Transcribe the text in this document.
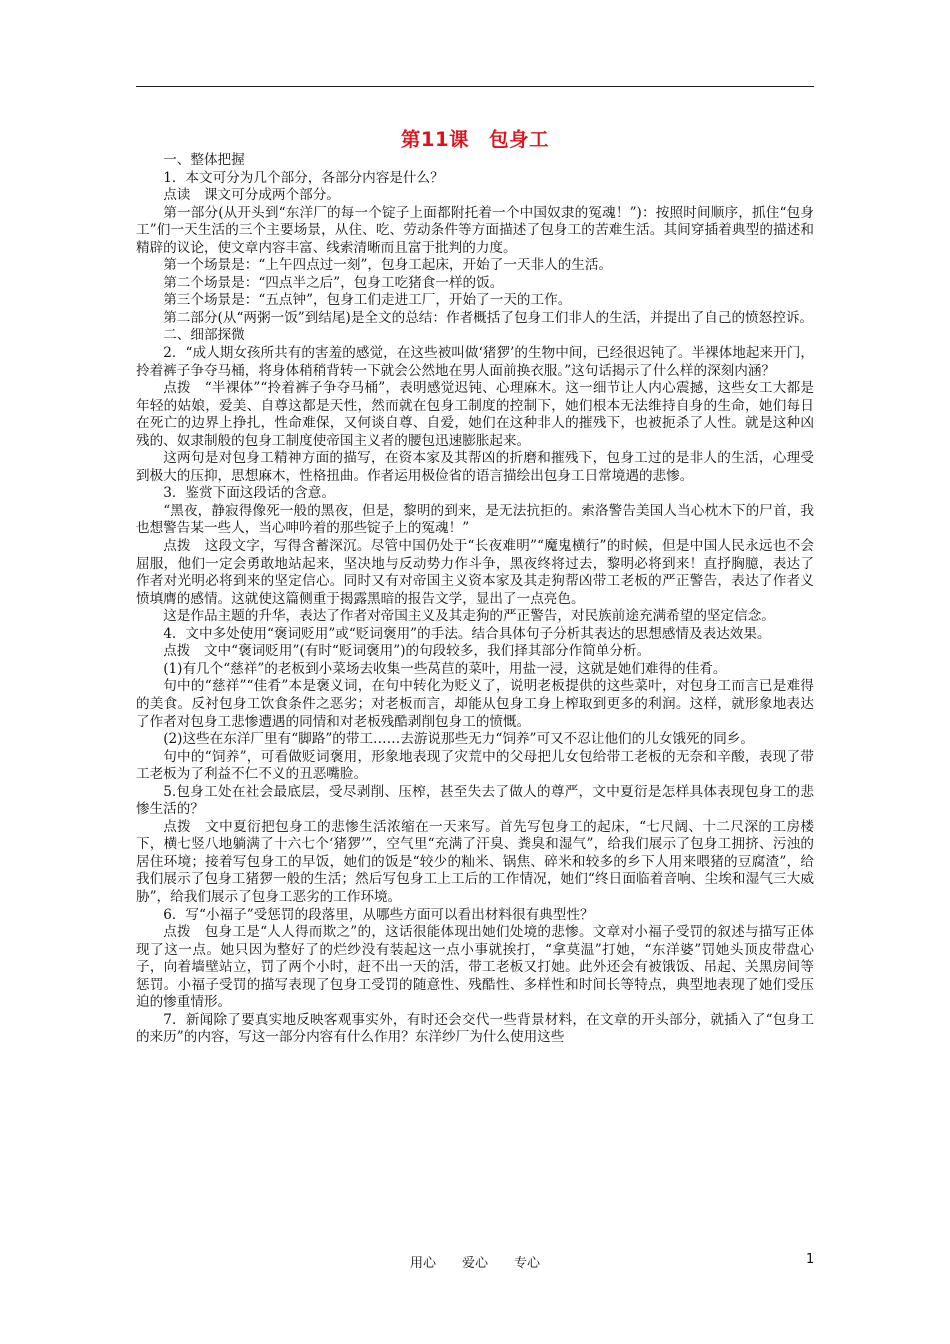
第11课　包身工

一、整体把握

1．本文可分为几个部分，各部分内容是什么？

点读　课文可分成两个部分。

第一部分(从开头到“东洋厂的每一个锭子上面都附托着一个中国奴隶的冤魂！”)：按照时间顺序，抓住“包身工”们一天生活的三个主要场景，从住、吃、劳动条件等方面描述了包身工的苦难生活。其间穿插着典型的描述和精辟的议论，使文章内容丰富、线索清晰而且富于批判的力度。

第一个场景是：“上午四点过一刻”，包身工起床，开始了一天非人的生活。

第二个场景是：“四点半之后”，包身工吃猪食一样的饭。

第三个场景是：“五点钟”，包身工们走进工厂，开始了一天的工作。

第二部分(从“两粥一饭”到结尾)是全文的总结：作者概括了包身工们非人的生活，并提出了自己的愤怒控诉。

二、细部探微

2．“成人期女孩所共有的害羞的感觉，在这些被叫做‘猪猡’的生物中间，已经很迟钝了。半裸体地起来开门，拎着裤子争夺马桶，将身体稍稍背转一下就会公然地在男人面前换衣服。”这句话揭示了什么样的深刻内涵？

点拨　“半裸体”“拎着裤子争夺马桶”，表明感觉迟钝、心理麻木。这一细节让人内心震撼，这些女工大都是年轻的姑娘，爱美、自尊这都是天性，然而就在包身工制度的控制下，她们根本无法维持自身的生命，她们每日在死亡的边界上挣扎，性命难保，又何谈自尊、自爱，她们在这种非人的摧残下，也被扼杀了人性。就是这种凶残的、奴隶制般的包身工制度使帝国主义者的腰包迅速膨胀起来。

这两句是对包身工精神方面的描写，在资本家及其帮凶的折磨和摧残下，包身工过的是非人的生活，心理受到极大的压抑，思想麻木，性格扭曲。作者运用极俭省的语言描绘出包身工日常境遇的悲惨。

3．鉴赏下面这段话的含意。

“黑夜，静寂得像死一般的黑夜，但是，黎明的到来，是无法抗拒的。索洛警告美国人当心枕木下的尸首，我也想警告某一些人，当心呻吟着的那些锭子上的冤魂！”

点拨　这段文字，写得含蓄深沉。尽管中国仍处于“长夜难明”“魔鬼横行”的时候，但是中国人民永远也不会屈服，他们一定会勇敢地站起来，坚决地与反动势力作斗争，黑夜终将过去，黎明必将到来！直抒胸臆，表达了作者对光明必将到来的坚定信心。同时又有对帝国主义资本家及其走狗帮凶带工老板的严正警告，表达了作者义愤填膺的感情。这就使这篇侧重于揭露黑暗的报告文学，显出了一点亮色。

这是作品主题的升华，表达了作者对帝国主义及其走狗的严正警告，对民族前途充满希望的坚定信念。

4．文中多处使用“褒词贬用”或“贬词褒用”的手法。结合具体句子分析其表达的思想感情及表达效果。

点拨　文中“褒词贬用”(有时“贬词褒用”)的句段较多，我们择其部分作简单分析。

(1)有几个“慈祥”的老板到小菜场去收集一些莴苣的菜叶，用盐一浸，这就是她们难得的佳肴。

句中的“慈祥”“佳肴”本是褒义词，在句中转化为贬义了，说明老板提供的这些菜叶，对包身工而言已是难得的美食。反衬包身工饮食条件之恶劣；对老板而言，却能从包身工身上榨取到更多的利润。这样，就形象地表达了作者对包身工悲惨遭遇的同情和对老板残酷剥削包身工的愤慨。

(2)这些在东洋厂里有“脚路”的带工……去游说那些无力“饲养”可又不忍让他们的儿女饿死的同乡。

句中的“饲养”，可看做贬词褒用，形象地表现了灾荒中的父母把儿女包给带工老板的无奈和辛酸，表现了带工老板为了利益不仁不义的丑恶嘴脸。

5.包身工处在社会最底层，受尽剥削、压榨，甚至失去了做人的尊严，文中夏衍是怎样具体表现包身工的悲惨生活的？

点拨　文中夏衍把包身工的悲惨生活浓缩在一天来写。首先写包身工的起床，“七尺阔、十二尺深的工房楼下，横七竖八地躺满了十六七个‘猪猡’”，空气里“充满了汗臭、粪臭和湿气”，给我们展示了包身工拥挤、污浊的居住环境；接着写包身工的早饭，她们的饭是“较少的籼米、锅焦、碎米和较多的乡下人用来喂猪的豆腐渣”，给我们展示了包身工猪猡一般的生活；然后写包身工上工后的工作情况，她们“终日面临着音响、尘埃和湿气三大威胁”，给我们展示了包身工恶劣的工作环境。

6．写“小福子”受惩罚的段落里，从哪些方面可以看出材料很有典型性？

点拨　包身工是“人人得而欺之”的，这话很能体现出她们处境的悲惨。文章对小福子受罚的叙述与描写正体现了这一点。她只因为整好了的烂纱没有装起这一点小事就挨打，“拿莫温”打她，“东洋婆”罚她头顶皮带盘心子，向着墙壁站立，罚了两个小时，赶不出一天的活，带工老板又打她。此外还会有被饿饭、吊起、关黑房间等惩罚。小福子受罚的描写表现了包身工受罚的随意性、残酷性、多样性和时间长等特点，典型地表现了她们受压迫的惨重情形。

7．新闻除了要真实地反映客观事实外，有时还会交代一些背景材料，在文章的开头部分，就插入了“包身工的来历”的内容，写这一部分内容有什么作用？东洋纱厂为什么使用这些

用心　　爱心　　专心	1
